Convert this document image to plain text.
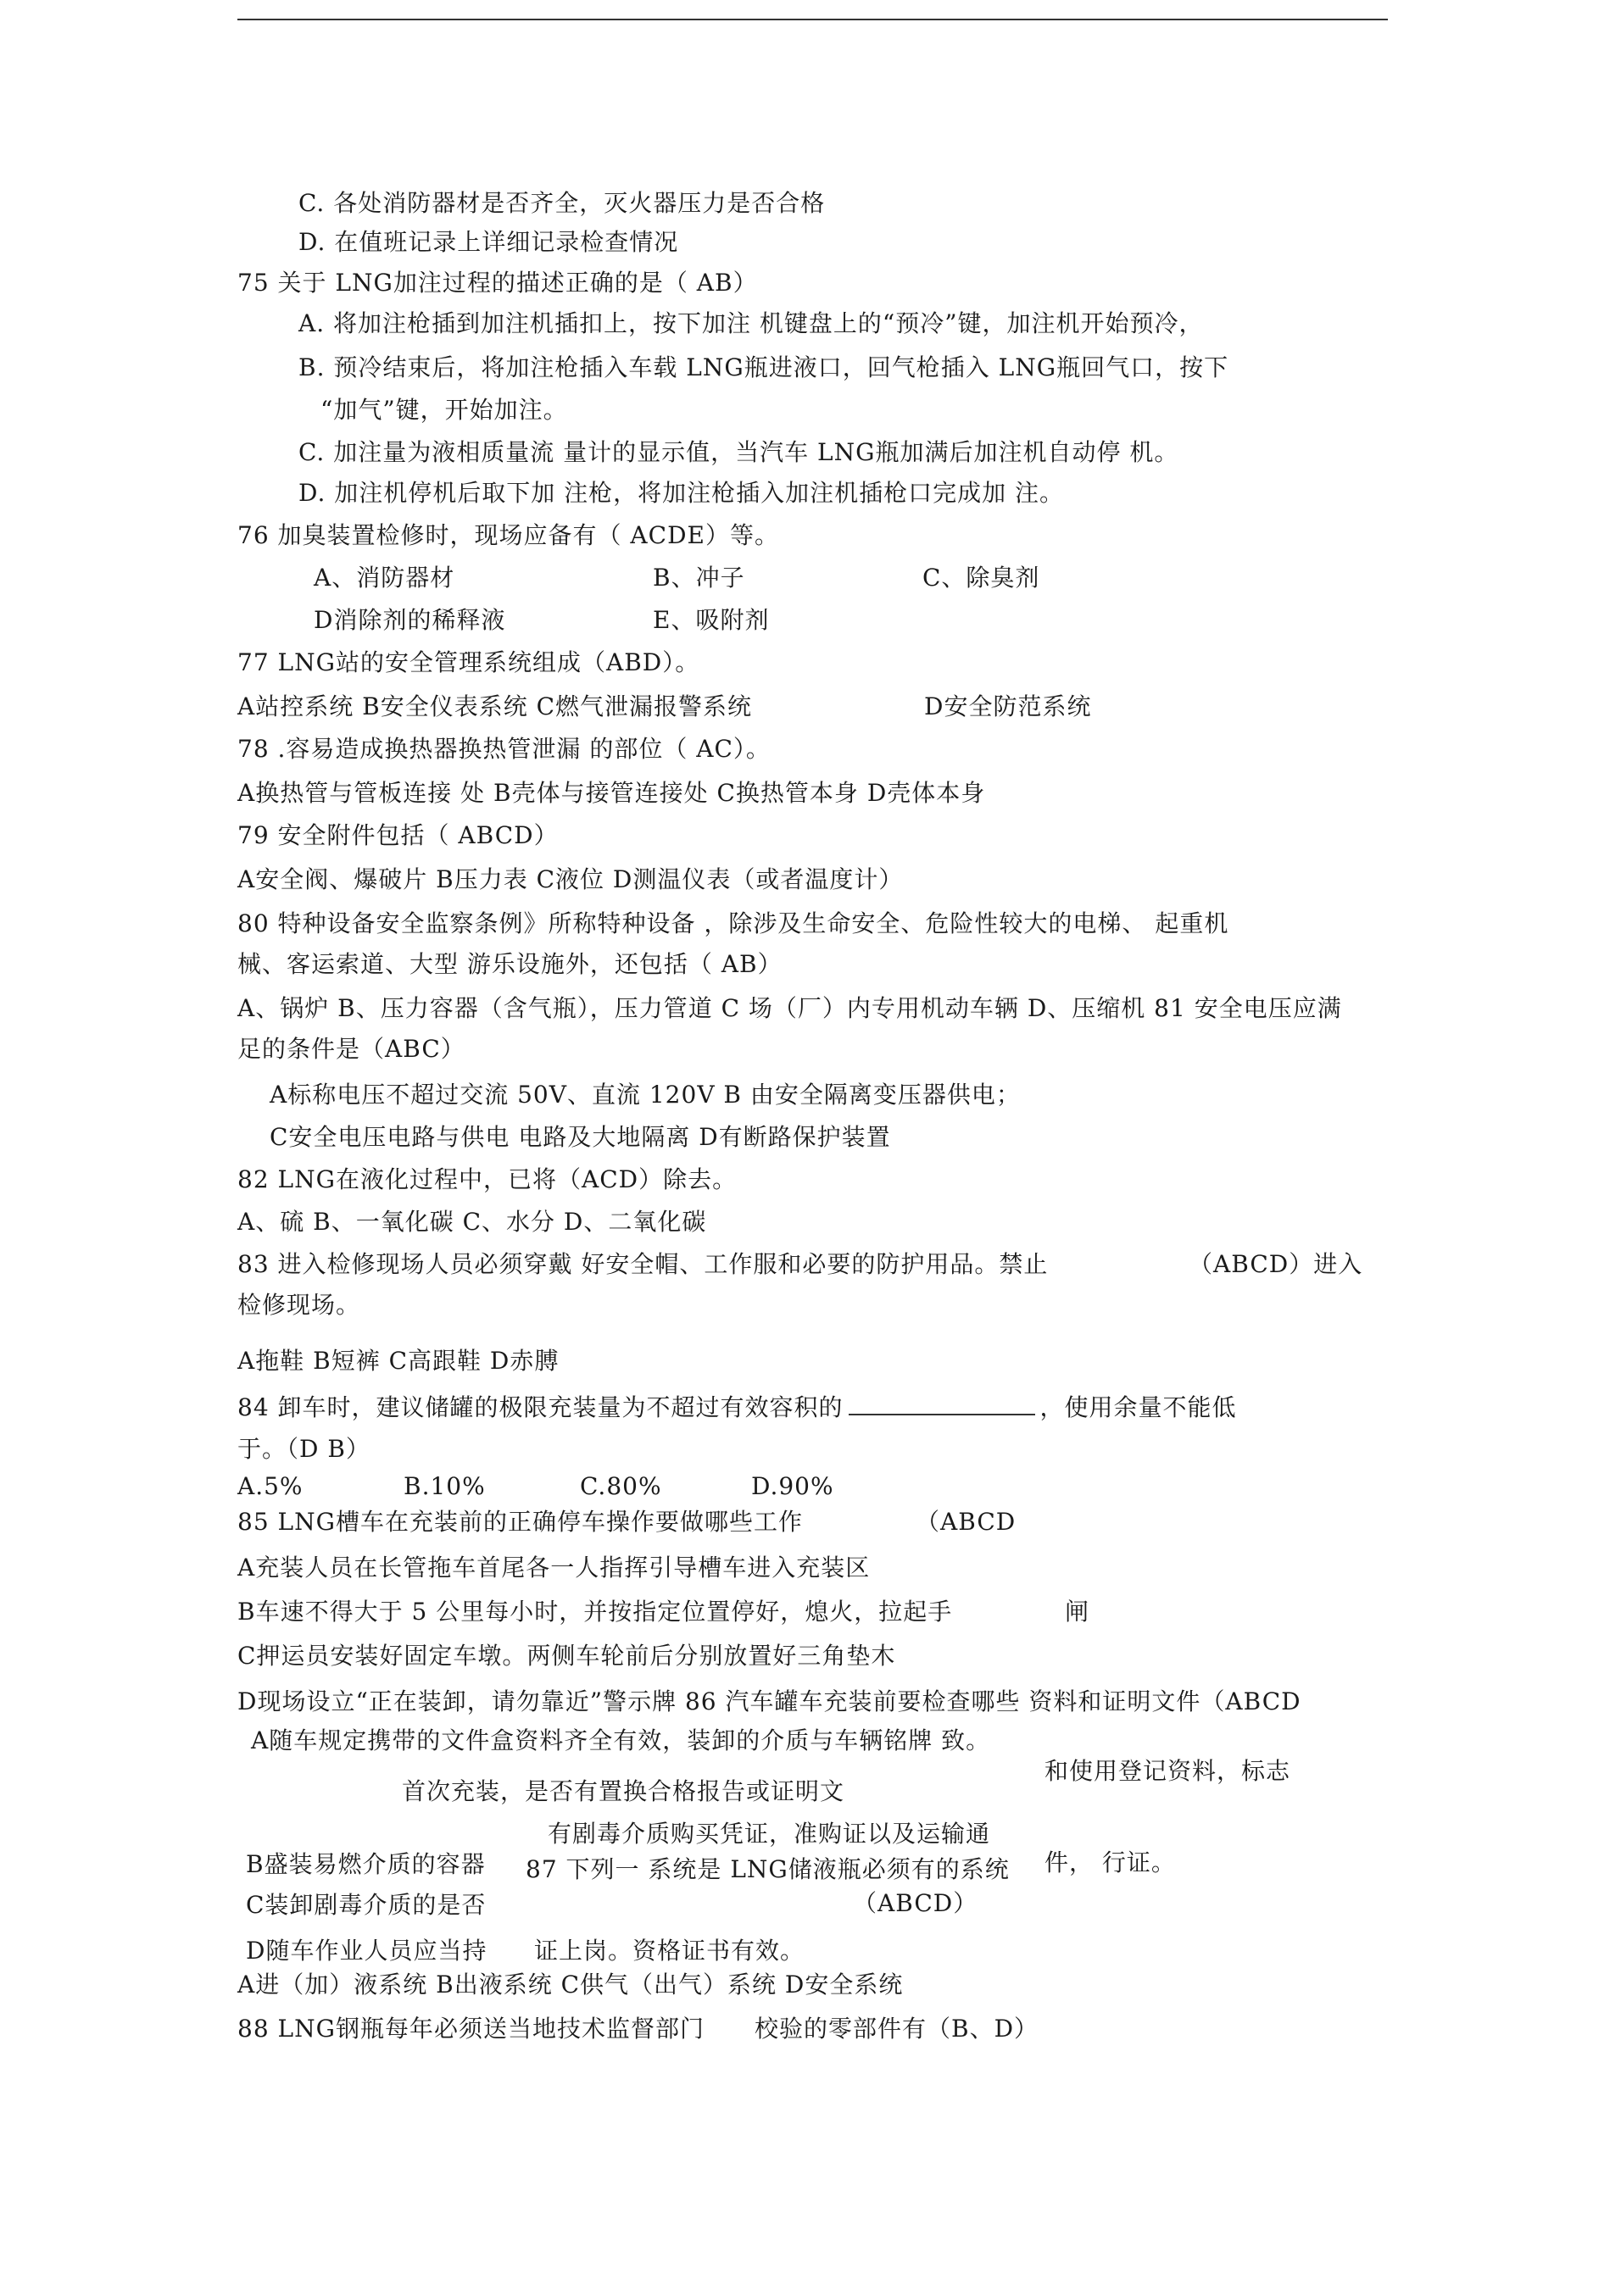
C. 各处消防器材是否齐全，灭火器压力是否合格
D. 在值班记录上详细记录检查情况
75 关于 LNG加注过程的描述正确的是（ AB）
A. 将加注枪插到加注机插扣上，按下加注 机键盘上的“预冷”键，加注机开始预冷，
B. 预冷结束后，将加注枪插入车载 LNG瓶进液口，回气枪插入 LNG瓶回气口，按下
“加气”键，开始加注。
C. 加注量为液相质量流 量计的显示值，当汽车 LNG瓶加满后加注机自动停 机。
D. 加注机停机后取下加 注枪，将加注枪插入加注机插枪口完成加 注。
76 加臭装置检修时，现场应备有（ ACDE）等。
A、消防器材	B、冲子	C、除臭剂
D消除剂的稀释液	E、吸附剂
77 LNG站的安全管理系统组成（ABD）。
A站控系统 B安全仪表系统 C燃气泄漏报警系统	D安全防范系统
78 .容易造成换热器换热管泄漏 的部位（ AC）。
A换热管与管板连接 处 B壳体与接管连接处 C换热管本身 D壳体本身
79 安全附件包括（ ABCD）
A安全阀、爆破片 B压力表 C液位 D测温仪表（或者温度计）
80 特种设备安全监察条例》所称特种设备 ，除涉及生命安全、危险性较大的电梯、 起重机
械、客运索道、大型 游乐设施外，还包括（ AB）
A、锅炉 B、压力容器（含气瓶），压力管道 C 场（厂）内专用机动车辆 D、压缩机 81 安全电压应满
足的条件是（ABC）
A标称电压不超过交流 50V、直流 120V B 由安全隔离变压器供电；
C安全电压电路与供电 电路及大地隔离 D有断路保护装置
82 LNG在液化过程中，已将（ACD）除去。
A、硫 B、一氧化碳 C、水分 D、二氧化碳
83 进入检修现场人员必须穿戴 好安全帽、工作服和必要的防护用品。禁止	（ABCD）进入
检修现场。
A拖鞋 B短裤 C高跟鞋 D赤膊
84 卸车时，建议储罐的极限充装量为不超过有效容积的	，使用余量不能低
于。（D B）
A.5%	B.10%	C.80%	D.90%
85 LNG槽车在充装前的正确停车操作要做哪些工作	（ABCD
A充装人员在长管拖车首尾各一人指挥引导槽车进入充装区
B车速不得大于 5 公里每小时，并按指定位置停好，熄火，拉起手	闸
C押运员安装好固定车墩。两侧车轮前后分别放置好三角垫木
D现场设立“正在装卸，请勿靠近”警示牌 86 汽车罐车充装前要检查哪些 资料和证明文件（ABCD
A随车规定携带的文件盒资料齐全有效，装卸的介质与车辆铭牌 致。
和使用登记资料，标志
首次充装，是否有置换合格报告或证明文
有剧毒介质购买凭证，准购证以及运输通
B盛装易燃介质的容器 87 下列一 系统是 LNG储液瓶必须有的系统 件， 行证。
C装卸剧毒介质的是否	（ABCD）
D随车作业人员应当持 证上岗。资格证书有效。
A进（加）液系统 B出液系统 C供气（出气）系统 D安全系统
88 LNG钢瓶每年必须送当地技术监督部门 校验的零部件有（B、D）
